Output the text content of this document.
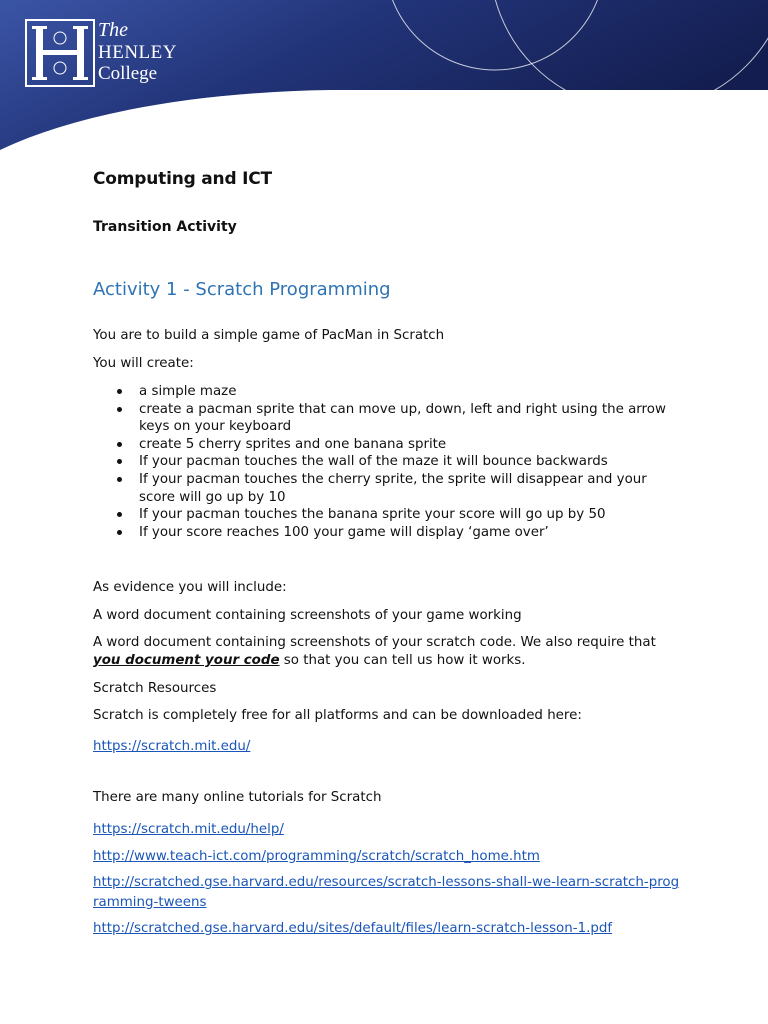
The
HENLEY
College
Computing and ICT
Transition Activity
Activity 1 - Scratch Programming
You are to build a simple game of PacMan in Scratch
You will create:
a simple maze
create a pacman sprite that can move up, down, left and right using the arrow keys on your keyboard
create 5 cherry sprites and one banana sprite
If your pacman touches the wall of the maze it will bounce backwards
If your pacman touches the cherry sprite, the sprite will disappear and your score will go up by 10
If your pacman touches the banana sprite your score will go up by 50
If your score reaches 100 your game will display ‘game over’
As evidence you will include:
A word document containing screenshots of your game working
A word document containing screenshots of your scratch code. We also require that
you document your code so that you can tell us how it works.
Scratch Resources
Scratch is completely free for all platforms and can be downloaded here:
https://scratch.mit.edu/
There are many online tutorials for Scratch
https://scratch.mit.edu/help/
http://www.teach-ict.com/programming/scratch/scratch_home.htm
http://scratched.gse.harvard.edu/resources/scratch-lessons-shall-we-learn-scratch-programming-tweens
http://scratched.gse.harvard.edu/sites/default/files/learn-scratch-lesson-1.pdf
